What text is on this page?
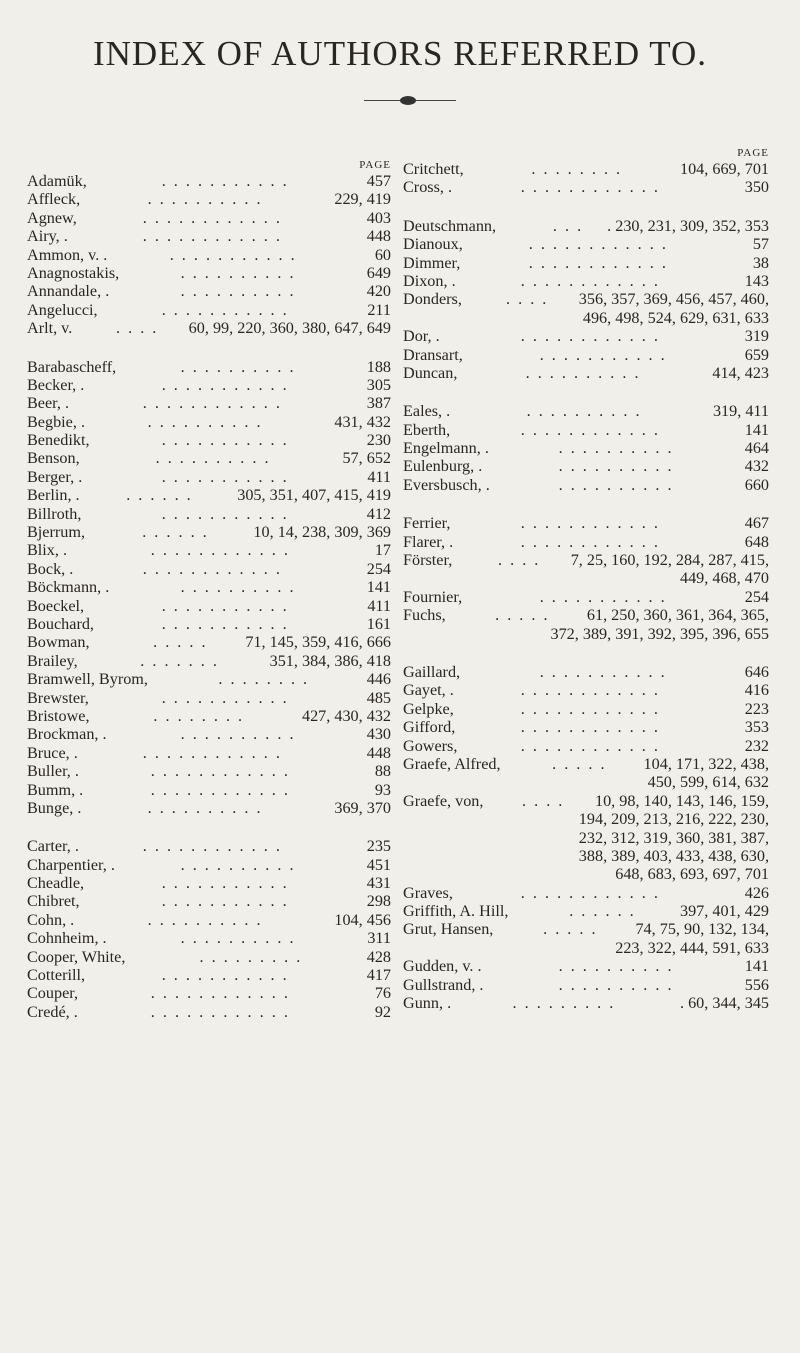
INDEX OF AUTHORS REFERRED TO.
PAGE
Adamük,	457
. . . . . . . . . . .
Affleck,	229, 419
. . . . . . . . . .
Agnew,	403
. . . . . . . . . . . .
Airy, .	448
. . . . . . . . . . . .
Ammon, v. .	60
. . . . . . . . . . .
Anagnostakis,	649
. . . . . . . . . .
Annandale, .	420
. . . . . . . . . .
Angelucci,	211
. . . . . . . . . . .
Arlt, v.	60, 99, 220, 360, 380, 647, 649
. . . .
Barabascheff,	188
. . . . . . . . . .
Becker, .	305
. . . . . . . . . . .
Beer, .	387
. . . . . . . . . . . .
Begbie, .	431, 432
. . . . . . . . . .
Benedikt,	230
. . . . . . . . . . .
Benson,	57, 652
. . . . . . . . . .
Berger, .	411
. . . . . . . . . . .
Berlin, .	305, 351, 407, 415, 419
. . . . . .
Billroth,	412
. . . . . . . . . . .
Bjerrum,	10, 14, 238, 309, 369
. . . . . .
Blix, .	17
. . . . . . . . . . . .
Bock, .	254
. . . . . . . . . . . .
Böckmann, .	141
. . . . . . . . . .
Boeckel,	411
. . . . . . . . . . .
Bouchard,	161
. . . . . . . . . . .
Bowman,	71, 145, 359, 416, 666
. . . . .
Brailey,	351, 384, 386, 418
. . . . . . .
Bramwell, Byrom,	446
. . . . . . . .
Brewster,	485
. . . . . . . . . . .
Bristowe,	427, 430, 432
. . . . . . . .
Brockman, .	430
. . . . . . . . . .
Bruce, .	448
. . . . . . . . . . . .
Buller, .	88
. . . . . . . . . . . .
Bumm, .	93
. . . . . . . . . . . .
Bunge, .	369, 370
. . . . . . . . . .
Carter, .	235
. . . . . . . . . . . .
Charpentier, .	451
. . . . . . . . . .
Cheadle,	431
. . . . . . . . . . .
Chibret,	298
. . . . . . . . . . .
Cohn, .	104, 456
. . . . . . . . . .
Cohnheim, .	311
. . . . . . . . . .
Cooper, White,	428
. . . . . . . . .
Cotterill,	417
. . . . . . . . . . .
Couper,	76
. . . . . . . . . . . .
Credé, .	92
. . . . . . . . . . . .
PAGE
Critchett,	104, 669, 701
. . . . . . . .
Cross, .	350
. . . . . . . . . . . .
Deutschmann,	. 230, 231, 309, 352, 353
. . .
Dianoux,	57
. . . . . . . . . . . .
Dimmer,	38
. . . . . . . . . . . .
Dixon, .	143
. . . . . . . . . . . .
Donders,	356, 357, 369, 456, 457, 460,
. . . .
496, 498, 524, 629, 631, 633
Dor, .	319
. . . . . . . . . . . .
Dransart,	659
. . . . . . . . . . .
Duncan,	414, 423
. . . . . . . . . .
Eales, .	319, 411
. . . . . . . . . .
Eberth,	141
. . . . . . . . . . . .
Engelmann, .	464
. . . . . . . . . .
Eulenburg, .	432
. . . . . . . . . .
Eversbusch, .	660
. . . . . . . . . .
Ferrier,	467
. . . . . . . . . . . .
Flarer, .	648
. . . . . . . . . . . .
Förster,	7, 25, 160, 192, 284, 287, 415,
. . . .
449, 468, 470
Fournier,	254
. . . . . . . . . . .
Fuchs,	61, 250, 360, 361, 364, 365,
. . . . .
372, 389, 391, 392, 395, 396, 655
Gaillard,	646
. . . . . . . . . . .
Gayet, .	416
. . . . . . . . . . . .
Gelpke,	223
. . . . . . . . . . . .
Gifford,	353
. . . . . . . . . . . .
Gowers,	232
. . . . . . . . . . . .
Graefe, Alfred,	104, 171, 322, 438,
. . . . .
450, 599, 614, 632
Graefe, von,	10, 98, 140, 143, 146, 159,
. . . .
194, 209, 213, 216, 222, 230,
232, 312, 319, 360, 381, 387,
388, 389, 403, 433, 438, 630,
648, 683, 693, 697, 701
Graves,	426
. . . . . . . . . . . .
Griffith, A. Hill,	397, 401, 429
. . . . . .
Grut, Hansen,	74, 75, 90, 132, 134,
. . . . .
223, 322, 444, 591, 633
Gudden, v. .	141
. . . . . . . . . .
Gullstrand, .	556
. . . . . . . . . .
Gunn, .	. 60, 344, 345
. . . . . . . . .
